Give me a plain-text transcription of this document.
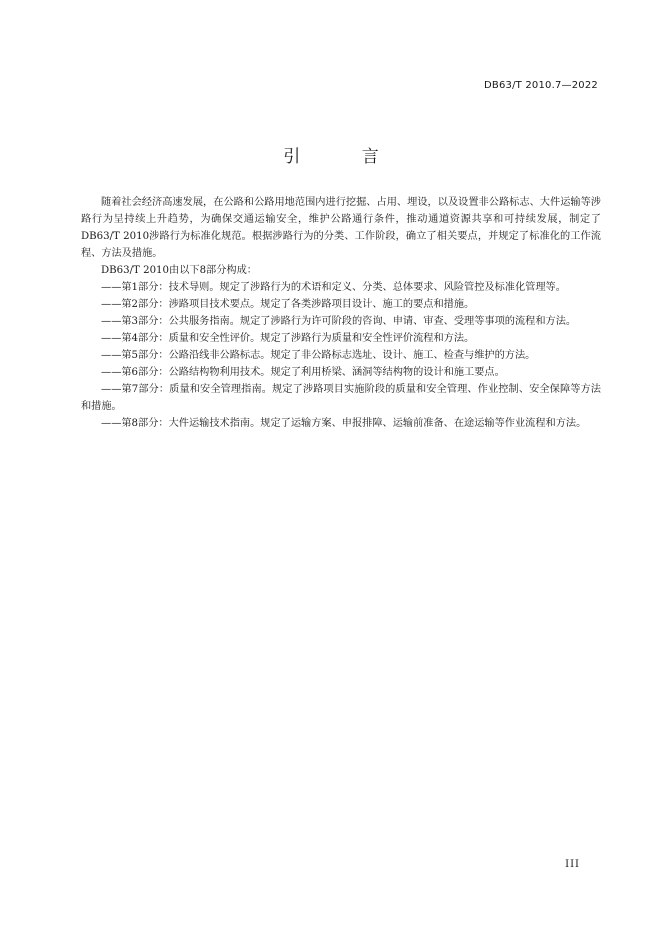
DB63/T 2010.7—2022
引 言

随着社会经济高速发展，在公路和公路用地范围内进行挖掘、占用、埋设，以及设置非公路标志、大件运输等涉路行为呈持续上升趋势，为确保交通运输安全，维护公路通行条件，推动通道资源共享和可持续发展，制定了DB63/T 2010涉路行为标准化规范。根据涉路行为的分类、工作阶段，确立了相关要点，并规定了标准化的工作流程、方法及措施。

DB63/T 2010由以下8部分构成：

——第1部分：技术导则。规定了涉路行为的术语和定义、分类、总体要求、风险管控及标准化管理等。

——第2部分：涉路项目技术要点。规定了各类涉路项目设计、施工的要点和措施。

——第3部分：公共服务指南。规定了涉路行为许可阶段的咨询、申请、审查、受理等事项的流程和方法。

——第4部分：质量和安全性评价。规定了涉路行为质量和安全性评价流程和方法。

——第5部分：公路沿线非公路标志。规定了非公路标志选址、设计、施工、检查与维护的方法。

——第6部分：公路结构物利用技术。规定了利用桥梁、涵洞等结构物的设计和施工要点。

——第7部分：质量和安全管理指南。规定了涉路项目实施阶段的质量和安全管理、作业控制、安全保障等方法和措施。

——第8部分：大件运输技术指南。规定了运输方案、申报排障、运输前准备、在途运输等作业流程和方法。

III
